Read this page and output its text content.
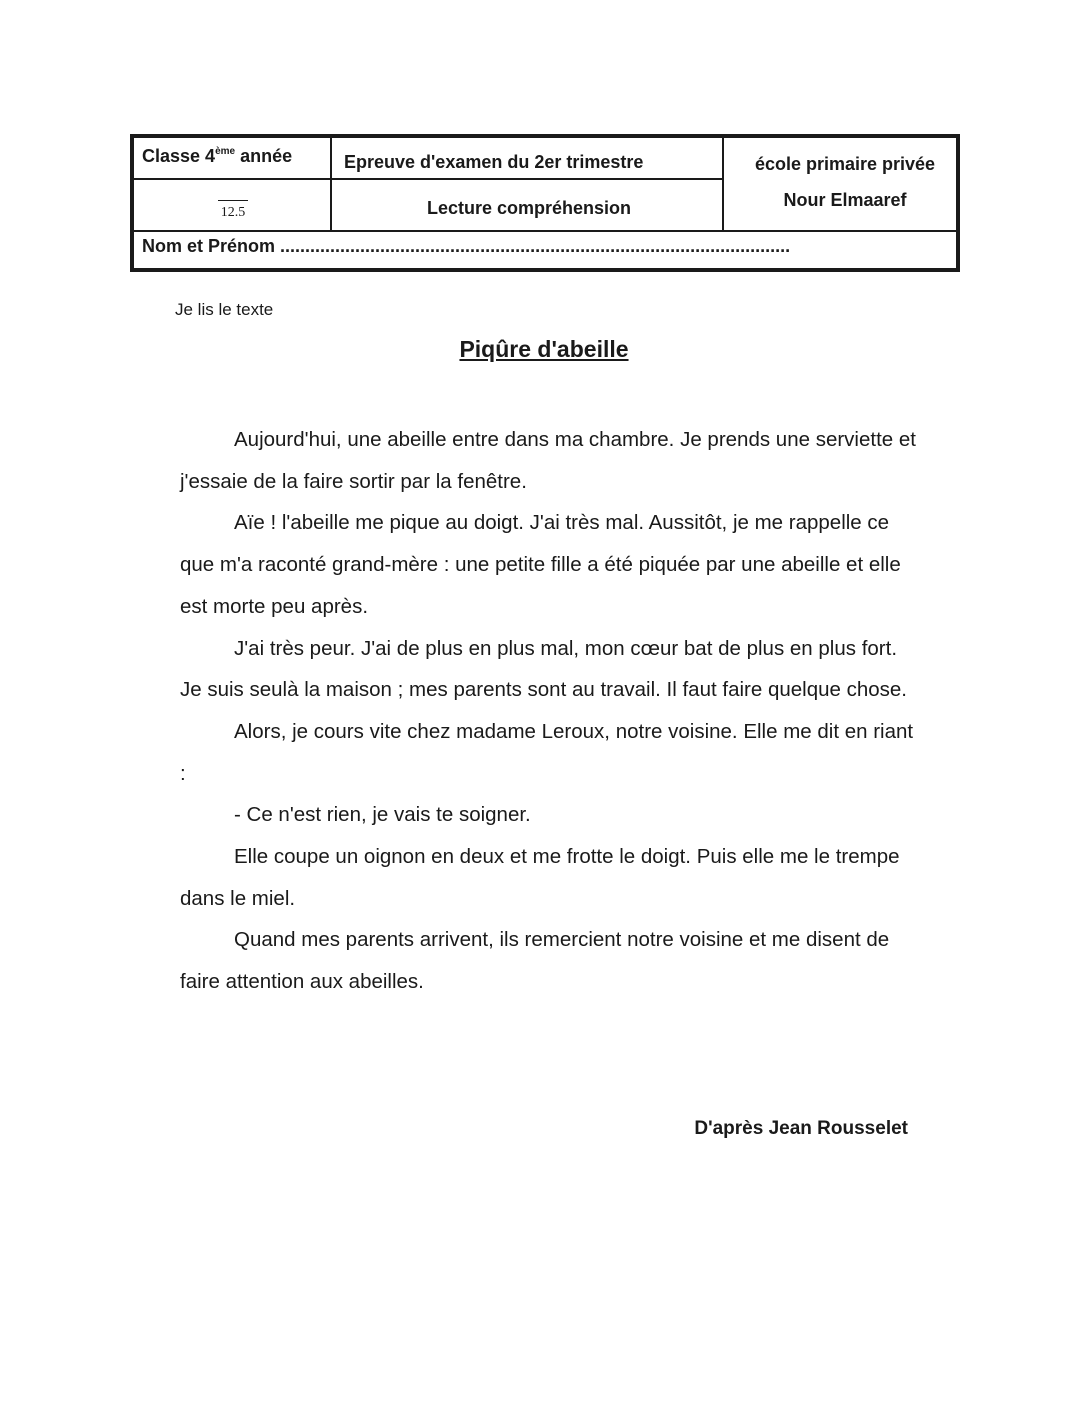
Classe 4ème année	Epreuve d'examen du 2er trimestre	école primaire privée
Nour Elmaaref
Lecture compréhension
12.5
Nom et Prénom ......................................................................................................
Je lis le texte
Piqûre d'abeille

Aujourd'hui, une abeille entre dans ma chambre. Je prends une serviette et j'essaie de la faire sortir par la fenêtre.

Aïe ! l'abeille me pique au doigt. J'ai très mal. Aussitôt, je me rappelle ce que m'a raconté grand-mère : une petite fille a été piquée par une abeille et elle est morte peu après.

J'ai très peur. J'ai de plus en plus mal, mon cœur bat de plus en plus fort. Je suis seulà la maison ; mes parents sont au travail. Il faut faire quelque chose.

Alors, je cours vite chez madame Leroux, notre voisine. Elle me dit en riant :

- Ce n'est rien, je vais te soigner.

Elle coupe un oignon en deux et me frotte le doigt. Puis elle me le trempe dans le miel.

Quand mes parents arrivent, ils remercient notre voisine et me disent de faire attention aux abeilles.

D'après Jean Rousselet
